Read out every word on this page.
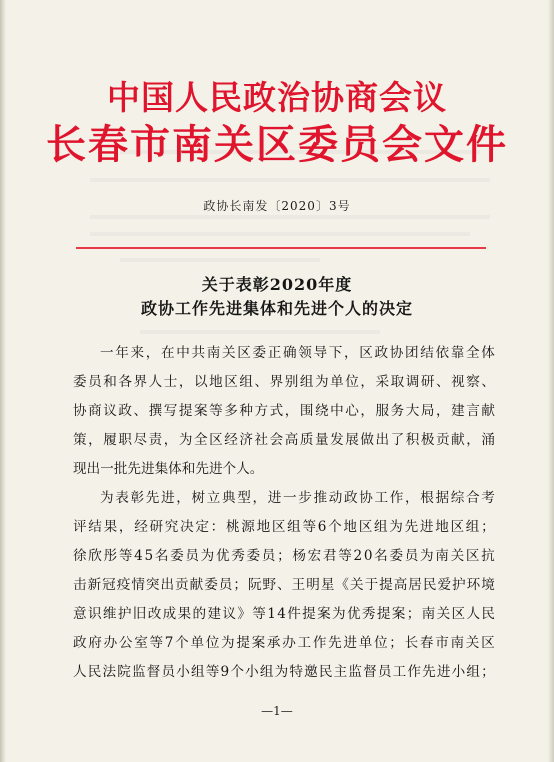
中国人民政治协商会议
长春市南关区委员会文件
政协长南发〔2020〕3号
关于表彰2020年度
政协工作先进集体和先进个人的决定
一 年 来 ， 在 中 共 南 关 区 委 正 确 领 导 下 ， 区 政 协 团 结 依 靠 全 体
委 员 和 各 界 人 士 ， 以 地 区 组 、 界 别 组 为 单 位 ， 采 取 调 研 、 视 察 、
协 商 议 政 、 撰 写 提 案 等 多 种 方 式 ， 围 绕 中 心 ， 服 务 大 局 ， 建 言 献
策 ， 履 职 尽 责 ， 为 全 区 经 济 社 会 高 质 量 发 展 做 出 了 积 极 贡 献 ， 涌
现 出 一 批 先 进 集 体 和 先 进 个 人 。
为 表 彰 先 进 ， 树 立 典 型 ， 进 一 步 推 动 政 协 工 作 ， 根 据 综 合 考
评 结 果 ， 经 研 究 决 定 ： 桃 源 地 区 组 等 6 个 地 区 组 为 先 进 地 区 组 ；
徐 欣 彤 等 4 5 名 委 员 为 优 秀 委 员 ； 杨 宏 君 等 2 0 名 委 员 为 南 关 区 抗
击 新 冠 疫 情 突 出 贡 献 委 员 ； 阮 野 、 王 明 星 《 关 于 提 高 居 民 爱 护 环 境
意 识 维 护 旧 改 成 果 的 建 议 》 等 1 4 件 提 案 为 优 秀 提 案 ； 南 关 区 人 民
政 府 办 公 室 等 7 个 单 位 为 提 案 承 办 工 作 先 进 单 位 ； 长 春 市 南 关 区
人 民 法 院 监 督 员 小 组 等 9 个 小 组 为 特 邀 民 主 监 督 员 工 作 先 进 小 组 ；
—1—
